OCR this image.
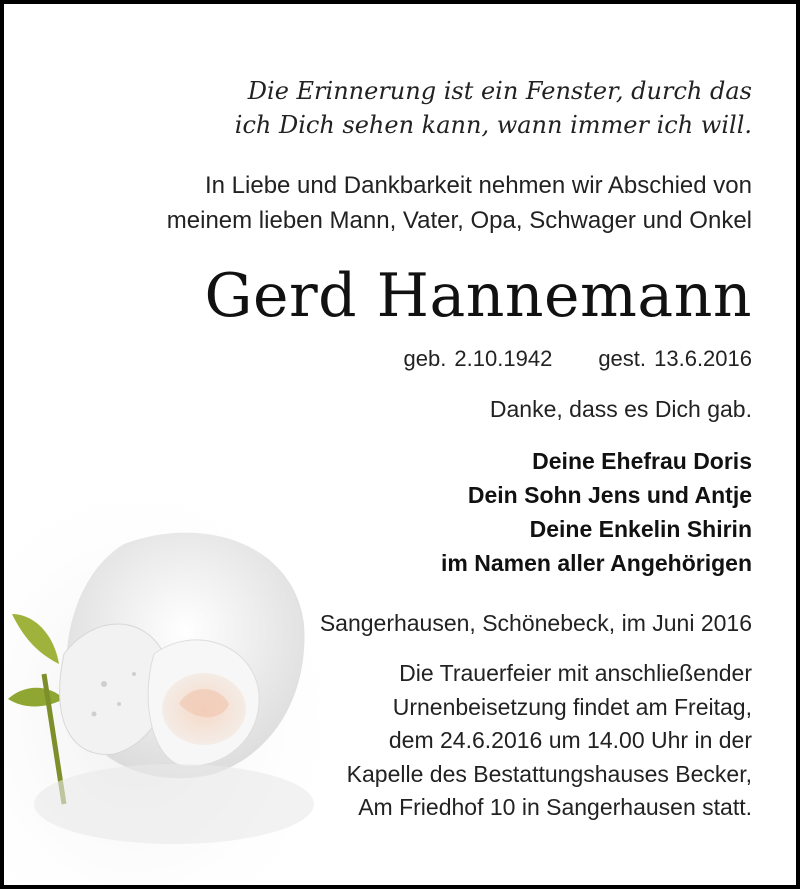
Die Erinnerung ist ein Fenster, durch das
ich Dich sehen kann, wann immer ich will.
In Liebe und Dankbarkeit nehmen wir Abschied von
meinem lieben Mann, Vater, Opa, Schwager und Onkel
Gerd Hannemann
geb. 2.10.1942 gest. 13.6.2016
Danke, dass es Dich gab.
Deine Ehefrau Doris
Dein Sohn Jens und Antje
Deine Enkelin Shirin
im Namen aller Angehörigen
Sangerhausen, Schönebeck, im Juni 2016
Die Trauerfeier mit anschließender
Urnenbeisetzung findet am Freitag,
dem 24.6.2016 um 14.00 Uhr in der
Kapelle des Bestattungshauses Becker,
Am Friedhof 10 in Sangerhausen statt.
